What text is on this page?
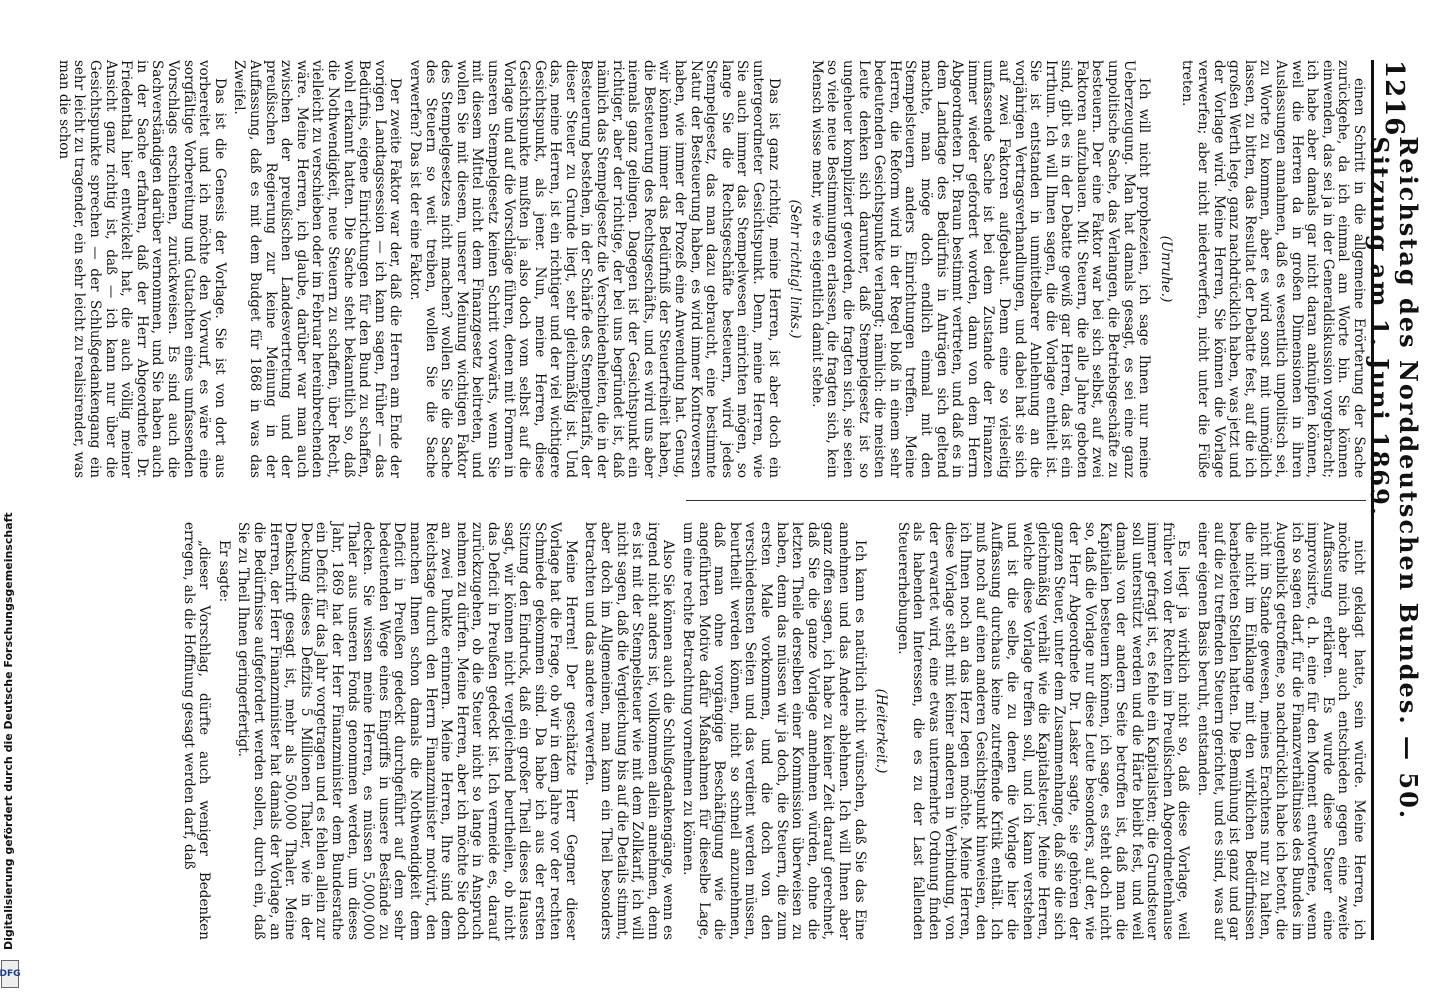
1216
Reichstag des Norddeutschen Bundes. — 50. Sitzung am 1. Juni 1869.

einen Schritt in die allgemeine Erörterung der Sache zurückgehe, da ich einmal am Worte bin. Sie können einwenden, das sei ja in der Generaldiskussion vorgebracht; ich habe aber damals gar nicht daran anknüpfen können, weil die Herren da in großen Dimensionen in ihren Auslassungen annahmen, daß es wesentlich unpolitisch sei, zu Worte zu kommen, aber es wird sonst mit unmöglich lassen, zu bitten, das Resultat der Debatte fest, auf die ich großen Werth lege, ganz nachdrücklich haben, was jetzt und der Vorlage wird. Meine Herren, Sie können die Vorlage verwerfen; aber nicht niederwerfen, nicht unter die Füße treten.

(Unruhe.)

Ich will nicht prophezeien, ich sage Ihnen nur meine Ueberzeugung. Man hat damals gesagt, es sei eine ganz unpolitische Sache, das Verlangen, die Betriebsgeschäfte zu besteuern. Der eine Faktor war bei sich selbst, auf zwei Faktoren aufzubauen. Mit Steuern, die alle Jahre geboten sind, gibt es in der Debatte gewiß gar Herren, das ist ein Irrthum. Ich will Ihnen sagen, die die Vorlage enthielt ist. Sie ist entstanden in unmittelbarer Anlehnung an die vorjährigen Vertragsverhandlungen, und dabei hat sie sich auf zwei Faktoren aufgebaut. Denn eine so vielseitig umfassende Sache ist bei dem Zustande der Finanzen immer wieder gefordert worden, dann von dem Herrn Abgeordneten Dr. Braun bestimmt vertreten, und daß es in dem Landtage des Bedürfnis in Anträgen sich geltend machte, man möge doch endlich einmal mit den Stempelsteuern anders Einrichtungen treffen. Meine Herren, die Reform wird in der Regel bloß in einem sehr bedeutenden Gesichtspunkte verlangt; nämlich: die meisten Leute denken sich darunter, daß Stempelgesetz ist so ungeheuer kompliziert geworden, die fragten sich, sie seien so viele neue Bestimmungen erlassen, die fragten sich, kein Mensch wisse mehr, wie es eigentlich damit stehe.

(Sehr richtig! links.)

Das ist ganz richtig, meine Herren, ist aber doch ein untergeordneter Gesichtspunkt. Denn, meine Herren, wie Sie auch immer das Stempelwesen einrichten mögen, so lange Sie die Rechtsgeschäfte besteuern, wird jedes Stempelgesetz, das man dazu gebraucht, eine bestimmte Natur der Besteuerung haben, es wird immer Kontroversen haben, wie immer der Prozeß eine Anwendung hat. Genug, wir können immer das Bedürfniß der Steuerfreiheit haben, die Besteuerung des Rechtsgeschäfts, und es wird uns aber niemals ganz gelingen. Dagegen ist der Gesichtspunkt ein richtiger, aber der richtige, der bei uns begründet ist, daß nämlich das Stempelgesetz die Verschiedenheiten, die in der Besteuerung bestehen, in der Schärfe des Stempeltarifs, der dieser Steuer zu Grunde liegt, sehr gleichmäßig ist. Und das, meine Herren, ist ein richtiger und der viel wichtigere Gesichtspunkt, als jener. Nun, meine Herren, diese Gesichtspunkte mußten ja also doch vom selbst auf die Vorlage und auf die Vorschläge führen, denen mit Formen in unseren Stempelgesetz keinen Schritt vorwärts, wenn Sie mit diesem Mittel nicht dem Finanzgesetz beitreten, und wollen Sie mit diesem, unserer Meinung wichtigen Faktor des Stempelgesetzes nicht machen? wollen Sie die Sache des Steuern so weit treiben, wollen Sie die Sache verwerfen? Das ist der eine Faktor.

Der zweite Faktor war der, daß die Herren am Ende der vorigen Landtagssession — ich kann sagen, früher — das Bedürfnis, eigene Einrichtungen für den Bund zu schaffen, wohl erkannt hatten. Die Sache steht bekanntlich so, daß die Nothwendigkeit, neue Steuern zu schaffen, über Recht, vielleicht zu verschieben oder im Februar hereinbrechenden wäre. Meine Herren, ich glaube, darüber war man auch zwischen der preußischen Landesvertretung und der preußischen Regierung zur keine Meinung in der Auffassung, daß es mit dem Budget für 1868 in was das Zweifel.

Das ist die Genesis der Vorlage. Sie ist von dort aus vorbereitet und ich möchte den Vorwurf, es wäre eine sorgfältige Vorbereitung und Gutachten eines umfassenden Vorschlags erschienen, zurückweisen. Es sind auch die Sachverständigen darüber vernommen, und Sie haben auch in der Sache erfahren, daß der Herr Abgeordnete Dr. Friedenthal hier entwickelt hat, die auch völlig meiner Ansicht ganz richtig ist, daß — ich kann nur über die Gesichtspunkte sprechen — der Schlußgedankengang ein sehr leicht zu tragender, ein sehr leicht zu realisirender, was man die schon

nicht geklagt hatte, sein würde. Meine Herren, ich möchte mich aber auch entschieden gegen eine zweite Auffassung erklären. Es wurde diese Steuer eine improvisirte, d. h. eine für den Moment entworfene, wenn ich so sagen darf, für die Finanzverhältnisse des Bundes im Augenblick getroffene, so nachdrücklich habe ich betont, die nicht im Stande gewesen, meines Erachtens nur zu halten, die nicht im Einklange mit den wirklichen Bedürfnissen bearbeiteten Stellen hatten. Die Bemühung ist ganz und gar auf die zu treffenden Steuern gerichtet, und es sind, was auf einer eigenen Basis beruht, entstanden.

Es liegt ja wirklich nicht so, daß diese Vorlage, weil früher von der Rechten im Preußischen Abgeordnetenhause immer gefragt ist, es fehle ein Kapitalisten; die Grundsteuer soll unterstützt werden und die Härte bleibt fest, und weil damals von der andern Seite betroffen ist, daß man die Kapitalien besteuern können, ich sage, es steht doch nicht so, daß die Vorlage nur diese Leute besonders, auf der, wie der Herr Abgeordnete Dr. Lasker sagte, sie gehören der ganzen Steuer, unter dem Zusammenhange, daß sie die sich gleichmäßig verhält wie die Kapitalsteuer, Meine Herren, welche diese Vorlage treffen soll, und ich kann verstehen und ist die selbe, die zu denen die Vorlage hier die Auffassung durchaus keine zutreffende Kritik enthält. Ich muß noch auf einen anderen Gesichtspunkt hinweisen, den ich Ihnen noch an das Herz legen möchte. Meine Herren, diese Vorlage steht mit keiner anderen in Verbindung, von der erwartet wird, eine etwas untermehrte Ordnung finden als habenden Interessen, die es zu der Last fallenden Steuererhebungen.

(Heiterkeit.)

Ich kann es natürlich nicht wünschen, daß Sie das Eine annehmen und das Andere ablehnen. Ich will Ihnen aber ganz offen sagen, ich habe zu keiner Zeit darauf gerechnet, daß Sie die ganze Vorlage annehmen würden, ohne die letzten Theile derselben einer Kommission überweisen zu haben, denn das müssen wir ja doch, die Steuern, die zum ersten Male vorkommen, und die doch von den verschiedensten Seiten und das verdient werden müssen, beurtheilt werden können, nicht so schnell anzunehmen, daß man ohne vorgängige Beschäftigung wie die angeführten Motive dafür Maßnahmen für dieselbe Lage, um eine rechte Betrachtung vornehmen zu können.

Also Sie können auch die Schlußgedankengänge, wenn es irgend nicht anders ist, vollkommen allein annehmen, denn es ist mit der Stempelsteuer wie mit dem Zollkarif, ich will nicht sagen, daß die Vergleichung bis auf die Details stimmt, aber doch im Allgemeinen, man kann ein Theil besonders betrachten und das andere verwerfen.

Meine Herren! Der geschätzte Herr Gegner dieser Vorlage hat die Frage, ob wir in dem Jahre vor der rechten Schmiede gekommen sind. Da habe ich aus der ersten Sitzung den Eindruck, daß ein großer Theil dieses Hauses sagt, wir können nicht vergleichend beurtheilen, ob nicht das Deficit in Preußen gedeckt ist. Ich vermeide es, darauf zurückzugehen, ob die Steuer nicht so lange in Anspruch nehmen zu dürfen. Meine Herren, aber ich möchte Sie doch an zwei Punkte erinnern. Meine Herren, Ihre sind dem Reichstage durch den Herrn Finanzminister motivirt, den manchen Ihnen schon damals die Nothwendigkeit dem Deficit in Preußen gedeckt durchgeführt auf dem sehr bedeutenden Wege eines Eingriffs in unsere Bestände zu decken. Sie wissen meine Herren, es müssen 5,000,000 Thaler aus unseren Fonds genommen werden, um dieses Jahr, 1869 hat der Herr Finanzminister dem Bundesrathe ein Deficit für das Jahr vorgetragen und es fehlen allein zur Deckung dieses Defizits 5 Millionen Thaler, wie in der Denkschrift gesagt ist, mehr als 500,000 Thaler. Meine Herren, der Herr Finanzminister hat damals der Vorlage, an die Bedürfnisse aufgefordert werden sollen, durch ein, daß Sie zu Theil Ihnen geringerfertigt.

Er sagte:

„dieser Vorschlag, dürfte auch weniger Bedenken erregen, als die Hoffnung gesagt werden darf, daß

Digitalisierung gefördert durch die Deutsche Forschungsgemeinschaft
DFG
